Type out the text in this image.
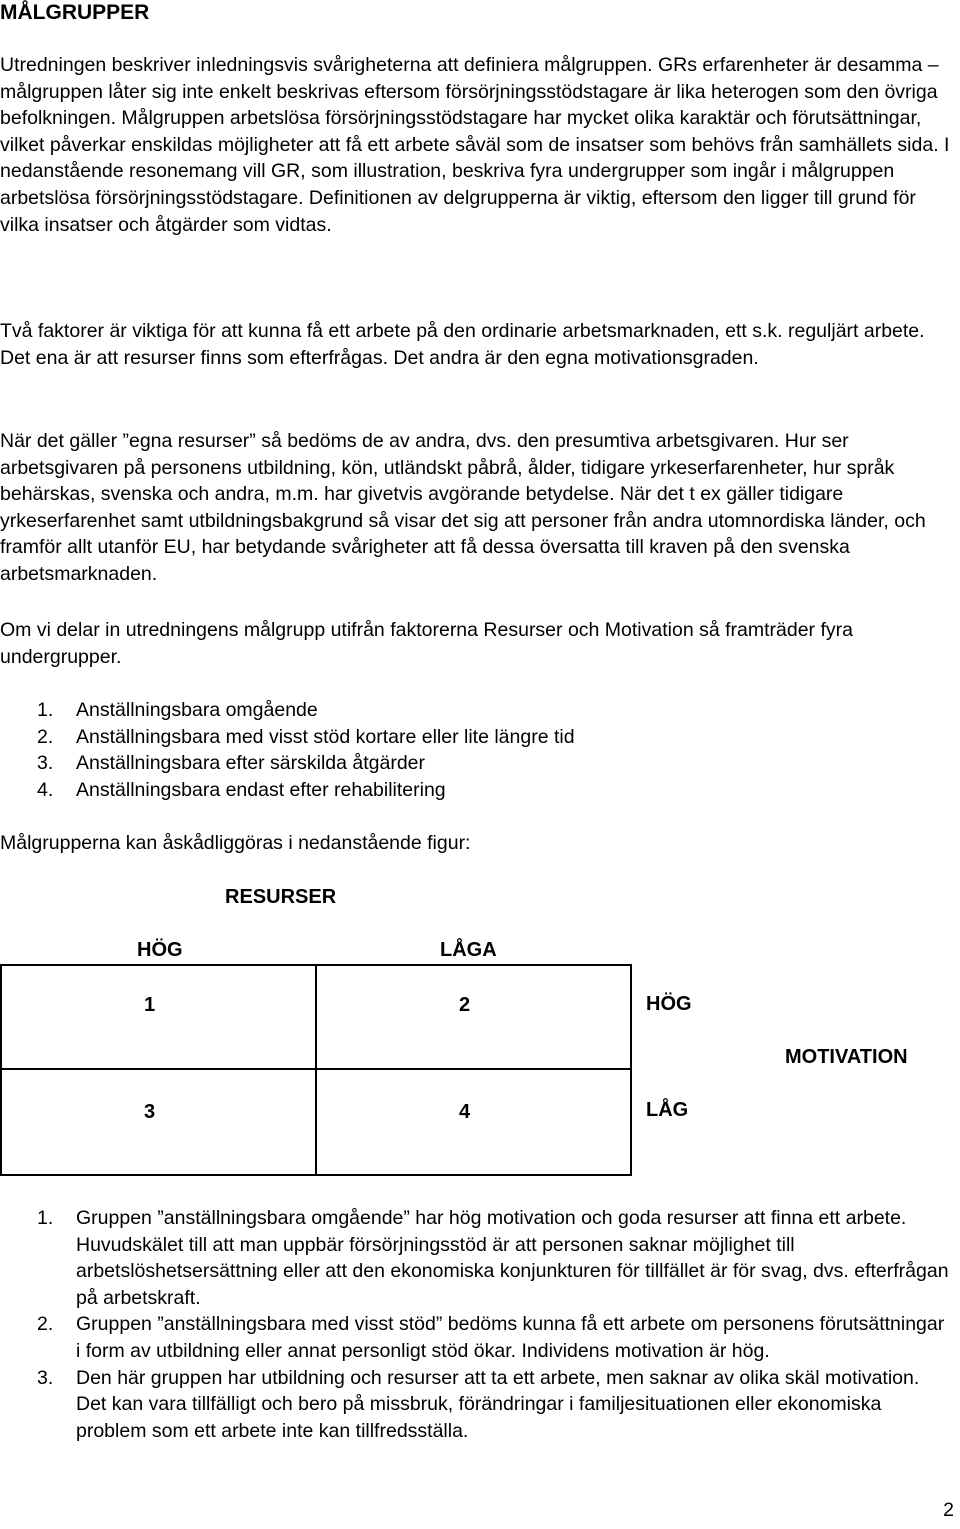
MÅLGRUPPER

Utredningen beskriver inledningsvis svårigheterna att definiera målgruppen. GRs erfarenheter är desamma – målgruppen låter sig inte enkelt beskrivas eftersom försörjningsstödstagare är lika heterogen som den övriga befolkningen. Målgruppen arbetslösa försörjningsstödstagare har mycket olika karaktär och förutsättningar, vilket påverkar enskildas möjligheter att få ett arbete såväl som de insatser som behövs från samhällets sida. I nedanstående resonemang vill GR, som illustration, beskriva fyra undergrupper som ingår i målgruppen arbetslösa försörjningsstödstagare. Definitionen av delgrupperna är viktig, eftersom den ligger till grund för vilka insatser och åtgärder som vidtas.

Två faktorer är viktiga för att kunna få ett arbete på den ordinarie arbetsmarknaden, ett s.k. reguljärt arbete. Det ena är att resurser finns som efterfrågas. Det andra är den egna motivationsgraden.

När det gäller ”egna resurser” så bedöms de av andra, dvs. den presumtiva arbetsgivaren. Hur ser arbetsgivaren på personens utbildning, kön, utländskt påbrå, ålder, tidigare yrkeserfarenheter, hur språk behärskas, svenska och andra, m.m. har givetvis avgörande betydelse. När det t ex gäller tidigare yrkeserfarenhet samt utbildningsbakgrund så visar det sig att personer från andra utomnordiska länder, och framför allt utanför EU, har betydande svårigheter att få dessa översatta till kraven på den svenska arbetsmarknaden.

Om vi delar in utredningens målgrupp utifrån faktorerna Resurser och Motivation så framträder fyra undergrupper.

1. Anställningsbara omgående
2. Anställningsbara med visst stöd kortare eller lite längre tid
3. Anställningsbara efter särskilda åtgärder
4. Anställningsbara endast efter rehabilitering

Målgrupperna kan åskådliggöras i nedanstående figur:

RESURSER
HÖG	LÅGA
1	2
3	4
HÖG
MOTIVATION
LÅG
1. Gruppen ”anställningsbara omgående” har hög motivation och goda resurser att finna ett arbete. Huvudskälet till att man uppbär försörjningsstöd är att personen saknar möjlighet till arbetslöshetsersättning eller att den ekonomiska konjunkturen för tillfället är för svag, dvs. efterfrågan på arbetskraft.
2. Gruppen ”anställningsbara med visst stöd” bedöms kunna få ett arbete om personens förutsättningar i form av utbildning eller annat personligt stöd ökar. Individens motivation är hög.
3. Den här gruppen har utbildning och resurser att ta ett arbete, men saknar av olika skäl motivation. Det kan vara tillfälligt och bero på missbruk, förändringar i familjesituationen eller ekonomiska problem som ett arbete inte kan tillfredsställa.
2
